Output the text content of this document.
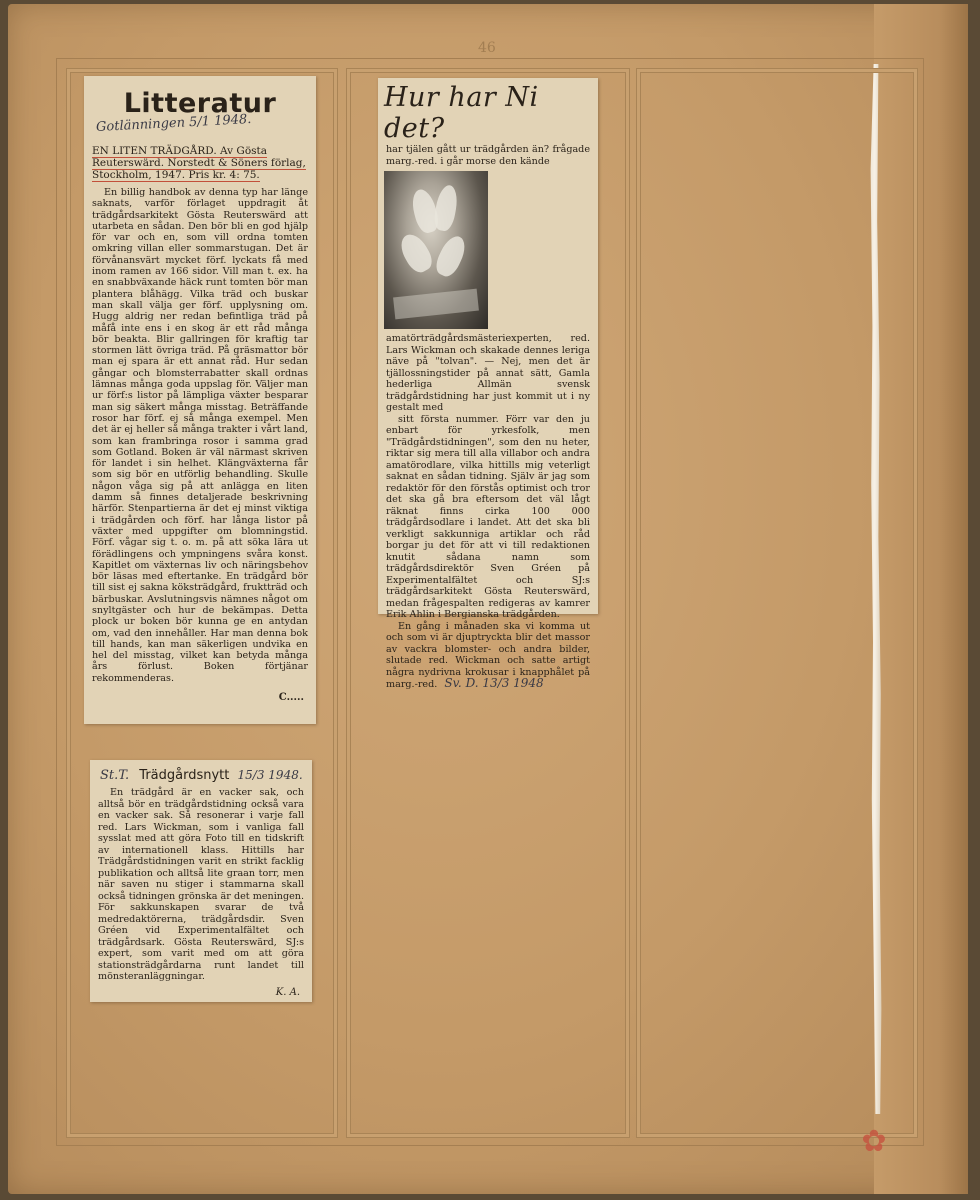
46
Litteratur
Gotlänningen 5/1 1948.
EN LITEN TRÄDGÅRD. Av Gösta Reuterswärd. Norstedt & Söners förlag, Stockholm, 1947. Pris kr. 4: 75.
En billig handbok av denna typ har länge saknats, varför förlaget uppdragit åt trädgårdsarkitekt Gösta Reuterswärd att utarbeta en sådan. Den bör bli en god hjälp för var och en, som vill ordna tomten omkring villan eller sommarstugan. Det är förvånansvärt mycket förf. lyckats få med inom ramen av 166 sidor. Vill man t. ex. ha en snabbväxande häck runt tomten bör man plantera blåhägg. Vilka träd och buskar man skall välja ger förf. upplysning om. Hugg aldrig ner redan befintliga träd på måfå inte ens i en skog är ett råd många bör beakta. Blir gallringen för kraftig tar stormen lätt övriga träd. På gräsmattor bör man ej spara är ett annat råd. Hur sedan gångar och blomsterrabatter skall ordnas lämnas många goda uppslag för. Väljer man ur förf:s listor på lämpliga växter besparar man sig säkert många misstag. Beträffande rosor har förf. ej så många exempel. Men det är ej heller så många trakter i vårt land, som kan frambringa rosor i samma grad som Gotland. Boken är väl närmast skriven för landet i sin helhet. Klängväxterna får som sig bör en utförlig behandling. Skulle någon våga sig på att anlägga en liten damm så finnes detaljerade beskrivning härför. Stenpartierna är det ej minst viktiga i trädgården och förf. har långa listor på växter med uppgifter om blomningstid. Förf. vågar sig t. o. m. på att söka lära ut förädlingens och ympningens svåra konst. Kapitlet om växternas liv och näringsbehov bör läsas med eftertanke. En trädgård bör till sist ej sakna köksträdgård, fruktträd och bärbuskar. Avslutningsvis nämnes något om snyltgäster och hur de bekämpas. Detta plock ur boken bör kunna ge en antydan om, vad den innehåller. Har man denna bok till hands, kan man säkerligen undvika en hel del misstag, vilket kan betyda många års förlust. Boken förtjänar rekommenderas.
C.....
Hur har Ni det?
har tjälen gått ur trädgården än? frågade marg.-red. i går morse den kände
amatörträdgårdsmästeriexperten, red. Lars Wickman och skakade dennes leriga näve på "tolvan". — Nej, men det är tjällossningstider på annat sätt, Gamla hederliga Allmän svensk trädgårdstidning har just kommit ut i ny gestalt med

sitt första nummer. Förr var den ju enbart för yrkesfolk, men "Trädgårdstidningen", som den nu heter, riktar sig mera till alla villabor och andra amatörodlare, vilka hittills mig veterligt saknat en sådan tidning. Själv är jag som redaktör för den förstås optimist och tror det ska gå bra eftersom det väl lågt räknat finns cirka 100 000 trädgårdsodlare i landet. Att det ska bli verkligt sakkunniga artiklar och råd borgar ju det för att vi till redaktionen knutit sådana namn som trädgårdsdirektör Sven Gréen på Experimentalfältet och SJ:s trädgårdsarkitekt Gösta Reuterswärd, medan frågespalten redigeras av kamrer Erik Ahlin i Bergianska trädgården.

En gång i månaden ska vi komma ut och som vi är djuptryckta blir det massor av vackra blomster- och andra bilder, slutade red. Wickman och satte artigt några nydrivna krokusar i knapphålet på marg.-red. Sv. D. 13/3 1948

St.T. Trädgårdsnytt 15/3 1948.
En trädgård är en vacker sak, och alltså bör en trädgårdstidning också vara en vacker sak. Så resonerar i varje fall red. Lars Wickman, som i vanliga fall sysslat med att göra Foto till en tidskrift av internationell klass. Hittills har Trädgårdstidningen varit en strikt facklig publikation och alltså lite graan torr, men när saven nu stiger i stammarna skall också tidningen grönska är det meningen. För sakkunskapen svarar de två medredaktörerna, trädgårdsdir. Sven Gréen vid Experimentalfältet och trädgårdsark. Gösta Reuterswärd, SJ:s expert, som varit med om att göra stationsträdgårdarna runt landet till mönsteranläggningar.
K. A.
✿
